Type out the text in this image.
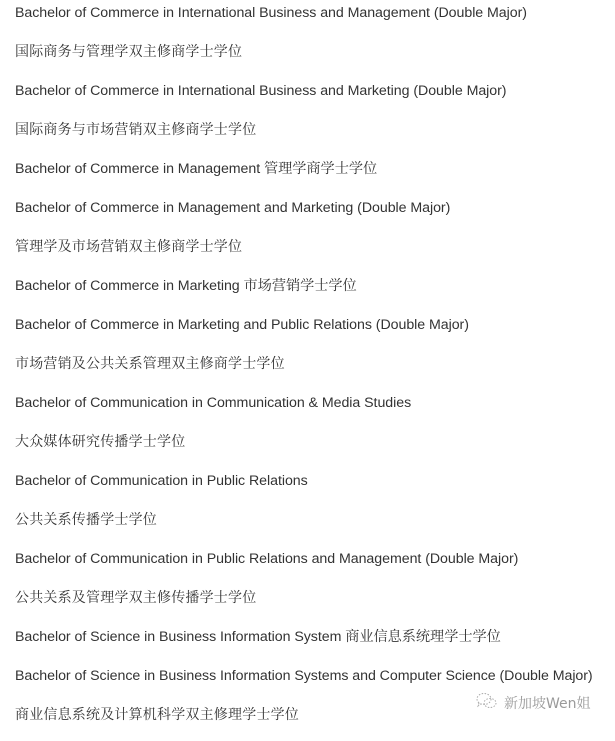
Bachelor of Commerce in International Business and Management (Double Major)
国际商务与管理学双主修商学士学位
Bachelor of Commerce in International Business and Marketing (Double Major)
国际商务与市场营销双主修商学士学位
Bachelor of Commerce in Management 管理学商学士学位
Bachelor of Commerce in Management and Marketing (Double Major)
管理学及市场营销双主修商学士学位
Bachelor of Commerce in Marketing 市场营销学士学位
Bachelor of Commerce in Marketing and Public Relations (Double Major)
市场营销及公共关系管理双主修商学士学位
Bachelor of Communication in Communication & Media Studies
大众媒体研究传播学士学位
Bachelor of Communication in Public Relations
公共关系传播学士学位
Bachelor of Communication in Public Relations and Management (Double Major)
公共关系及管理学双主修传播学士学位
Bachelor of Science in Business Information System 商业信息系统理学士学位
Bachelor of Science in Business Information Systems and Computer Science (Double Major)
商业信息系统及计算机科学双主修理学士学位
新加坡Wen姐
